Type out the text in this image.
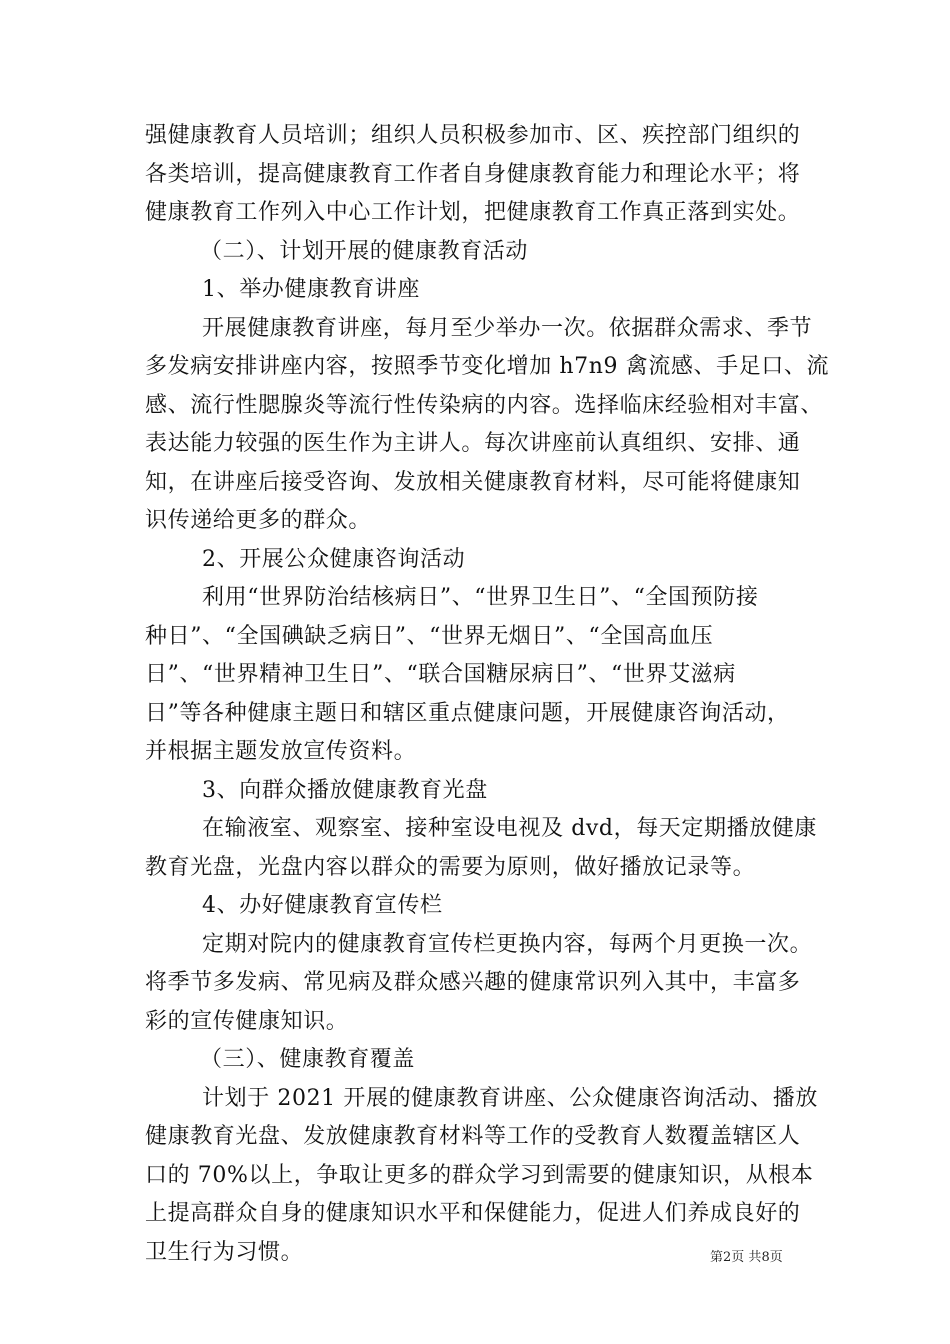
强健康教育人员培训；组织人员积极参加市、区、疾控部门组织的
各类培训，提高健康教育工作者自身健康教育能力和理论水平；将
健康教育工作列入中心工作计划，把健康教育工作真正落到实处。
（二）、计划开展的健康教育活动
1、举办健康教育讲座
开展健康教育讲座，每月至少举办一次。依据群众需求、季节
多发病安排讲座内容，按照季节变化增加 h7n9 禽流感、手足口、流
感、流行性腮腺炎等流行性传染病的内容。选择临床经验相对丰富、
表达能力较强的医生作为主讲人。每次讲座前认真组织、安排、通
知，在讲座后接受咨询、发放相关健康教育材料，尽可能将健康知
识传递给更多的群众。
2、开展公众健康咨询活动
利用“世界防治结核病日”、“世界卫生日”、“全国预防接
种日”、“全国碘缺乏病日”、“世界无烟日”、“全国高血压
日”、“世界精神卫生日”、“联合国糖尿病日”、“世界艾滋病
日”等各种健康主题日和辖区重点健康问题，开展健康咨询活动，
并根据主题发放宣传资料。
3、向群众播放健康教育光盘
在输液室、观察室、接种室设电视及 dvd，每天定期播放健康
教育光盘，光盘内容以群众的需要为原则，做好播放记录等。
4、办好健康教育宣传栏
定期对院内的健康教育宣传栏更换内容，每两个月更换一次。
将季节多发病、常见病及群众感兴趣的健康常识列入其中，丰富多
彩的宣传健康知识。
（三）、健康教育覆盖
计划于 2021 开展的健康教育讲座、公众健康咨询活动、播放
健康教育光盘、发放健康教育材料等工作的受教育人数覆盖辖区人
口的 70%以上，争取让更多的群众学习到需要的健康知识，从根本
上提高群众自身的健康知识水平和保健能力，促进人们养成良好的
卫生行为习惯。	第2页 共8页
